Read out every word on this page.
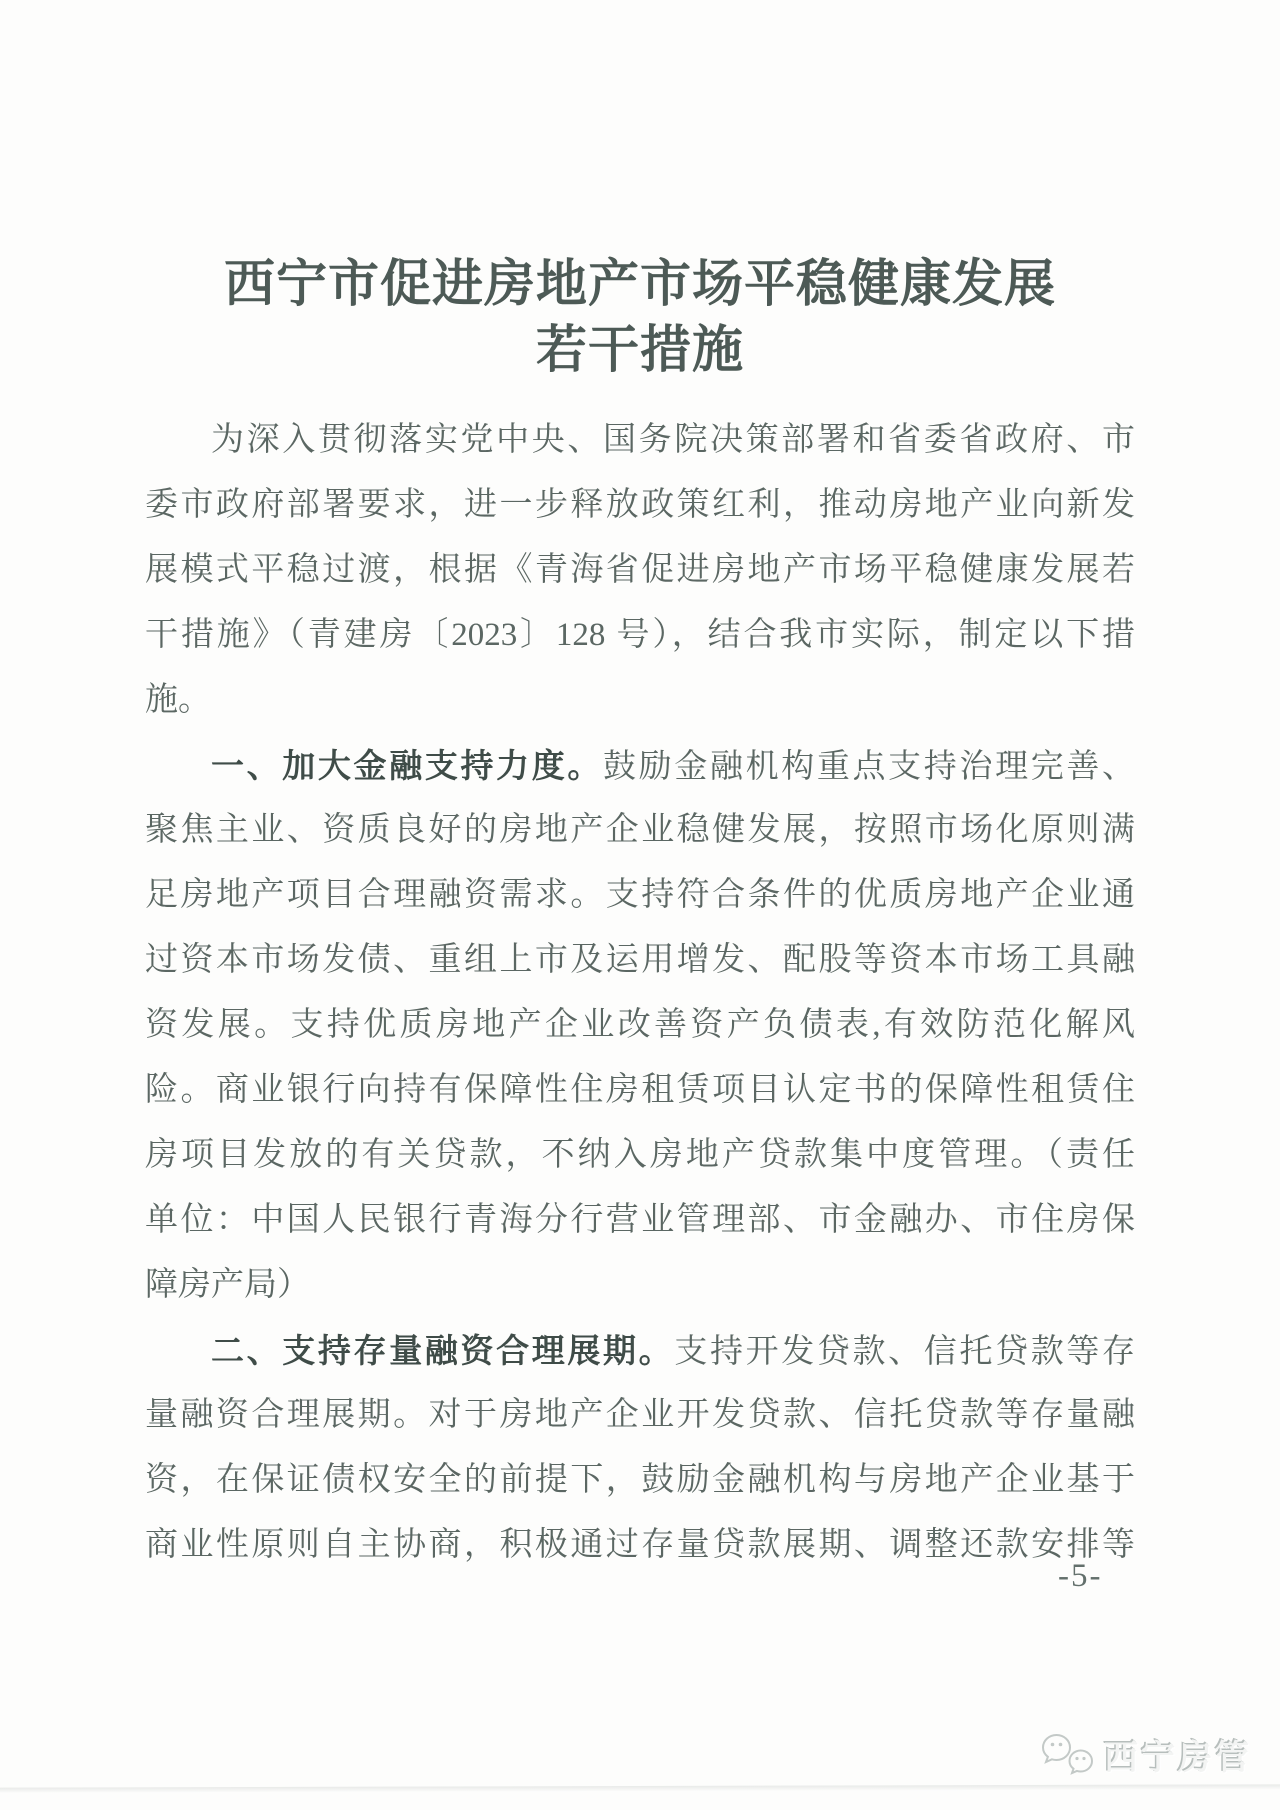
西宁市促进房地产市场平稳健康发展
若干措施
为深入贯彻落实党中央、国务院决策部署和省委省政府、市
委市政府部署要求，进一步释放政策红利，推动房地产业向新发
展模式平稳过渡，根据《青海省促进房地产市场平稳健康发展若
干措施》（青建房〔2023〕128 号），结合我市实际，制定以下措
施。
一、加大金融支持力度。鼓励金融机构重点支持治理完善、
聚焦主业、资质良好的房地产企业稳健发展，按照市场化原则满
足房地产项目合理融资需求。支持符合条件的优质房地产企业通
过资本市场发债、重组上市及运用增发、配股等资本市场工具融
资发展。支持优质房地产企业改善资产负债表,有效防范化解风
险。商业银行向持有保障性住房租赁项目认定书的保障性租赁住
房项目发放的有关贷款，不纳入房地产贷款集中度管理。（责任
单位：中国人民银行青海分行营业管理部、市金融办、市住房保
障房产局）
二、支持存量融资合理展期。支持开发贷款、信托贷款等存
量融资合理展期。对于房地产企业开发贷款、信托贷款等存量融
资，在保证债权安全的前提下，鼓励金融机构与房地产企业基于
商业性原则自主协商，积极通过存量贷款展期、调整还款安排等
-5-
西宁房管
